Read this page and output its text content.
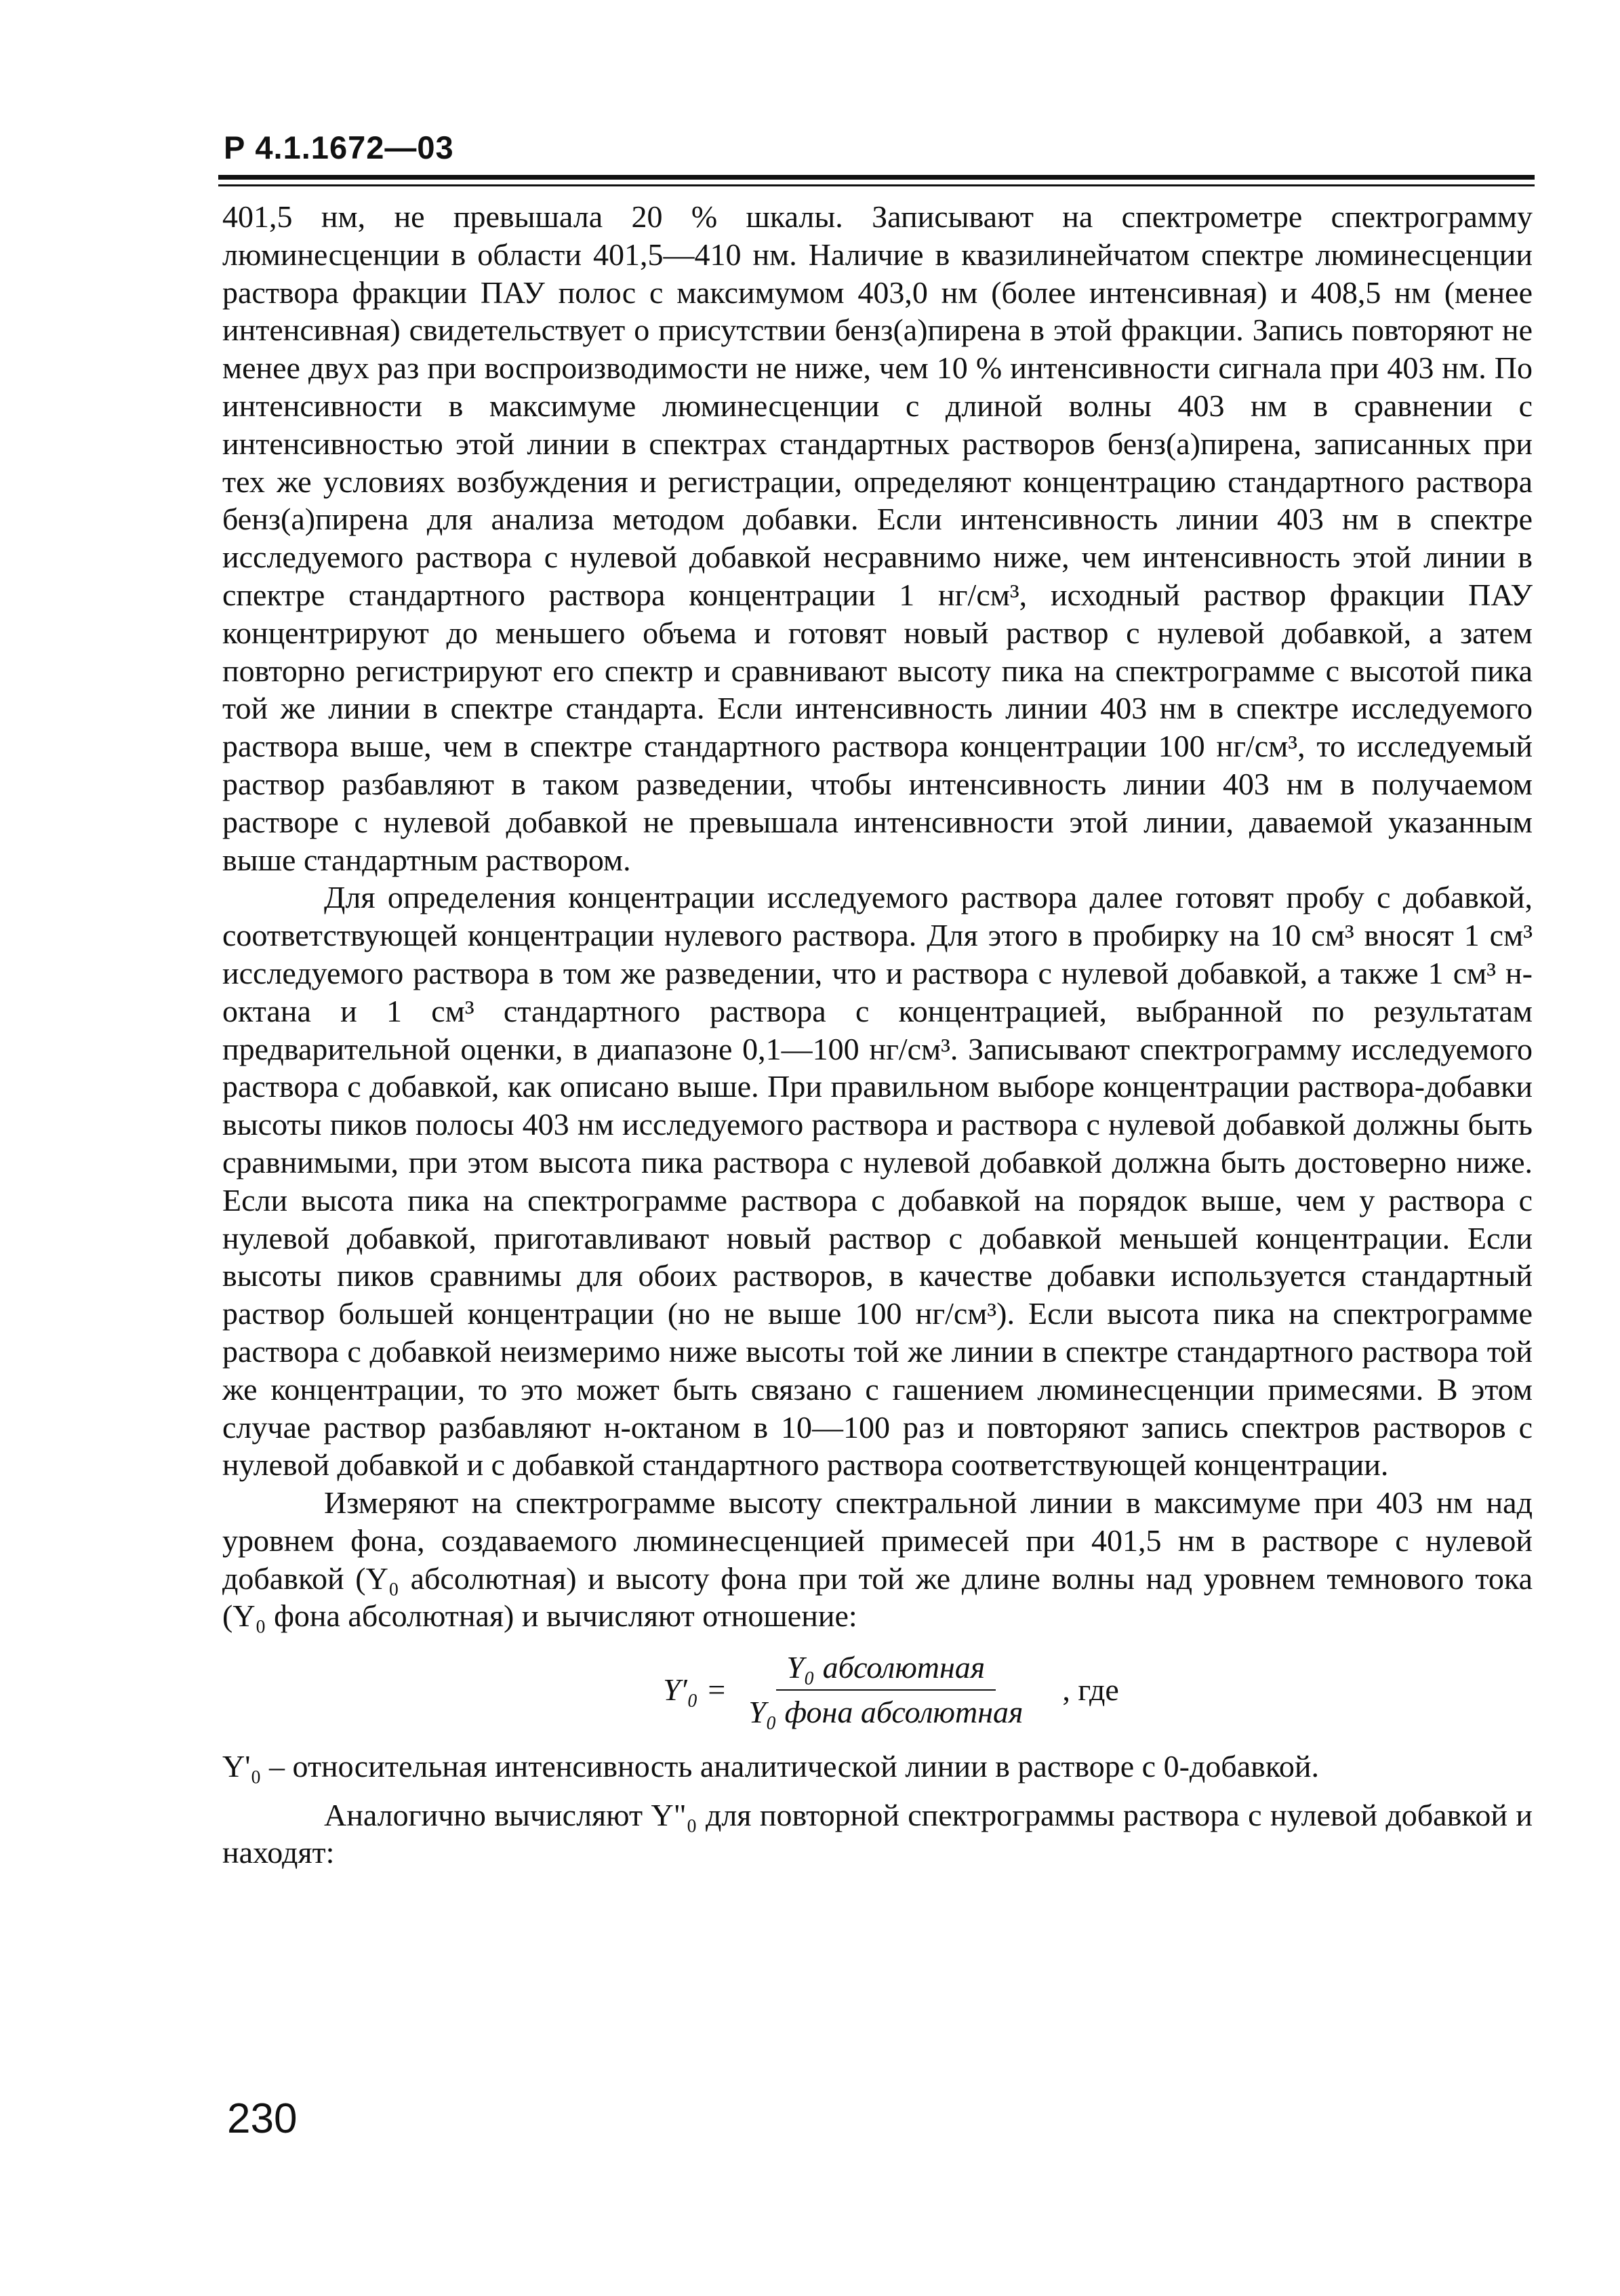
Р 4.1.1672—03

401,5 нм, не превышала 20 % шкалы. Записывают на спектрометре спектрограмму люминесценции в области 401,5—410 нм. Наличие в квазилинейчатом спектре люминесценции раствора фракции ПАУ полос с максимумом 403,0 нм (более интенсивная) и 408,5 нм (менее интенсивная) свидетельствует о присутствии бенз(а)пирена в этой фракции. Запись повторяют не менее двух раз при воспроизводимости не ниже, чем 10 % интенсивности сигнала при 403 нм. По интенсивности в максимуме люминесценции с длиной волны 403 нм в сравнении с интенсивностью этой линии в спектрах стандартных растворов бенз(а)пирена, записанных при тех же условиях возбуждения и регистрации, определяют концентрацию стандартного раствора бенз(а)пирена для анализа методом добавки. Если интенсивность линии 403 нм в спектре исследуемого раствора с нулевой добавкой несравнимо ниже, чем интенсивность этой линии в спектре стандартного раствора концентрации 1 нг/см³, исходный раствор фракции ПАУ концентрируют до меньшего объема и готовят новый раствор с нулевой добавкой, а затем повторно регистрируют его спектр и сравнивают высоту пика на спектрограмме с высотой пика той же линии в спектре стандарта. Если интенсивность линии 403 нм в спектре исследуемого раствора выше, чем в спектре стандартного раствора концентрации 100 нг/см³, то исследуемый раствор разбавляют в таком разведении, чтобы интенсивность линии 403 нм в получаемом растворе с нулевой добавкой не превышала интенсивности этой линии, даваемой указанным выше стандартным раствором.

Для определения концентрации исследуемого раствора далее готовят пробу с добавкой, соответствующей концентрации нулевого раствора. Для этого в пробирку на 10 см³ вносят 1 см³ исследуемого раствора в том же разведении, что и раствора с нулевой добавкой, а также 1 см³ н-октана и 1 см³ стандартного раствора с концентрацией, выбранной по результатам предварительной оценки, в диапазоне 0,1—100 нг/см³. Записывают спектрограмму исследуемого раствора с добавкой, как описано выше. При правильном выборе концентрации раствора-добавки высоты пиков полосы 403 нм исследуемого раствора и раствора с нулевой добавкой должны быть сравнимыми, при этом высота пика раствора с нулевой добавкой должна быть достоверно ниже. Если высота пика на спектрограмме раствора с добавкой на порядок выше, чем у раствора с нулевой добавкой, приготавливают новый раствор с добавкой меньшей концентрации. Если высоты пиков сравнимы для обоих растворов, в качестве добавки используется стандартный раствор большей концентрации (но не выше 100 нг/см³). Если высота пика на спектрограмме раствора с добавкой неизмеримо ниже высоты той же линии в спектре стандартного раствора той же концентрации, то это может быть связано с гашением люминесценции примесями. В этом случае раствор разбавляют н-октаном в 10—100 раз и повторяют запись спектров растворов с нулевой добавкой и с добавкой стандартного раствора соответствующей концентрации.

Измеряют на спектрограмме высоту спектральной линии в максимуме при 403 нм над уровнем фона, создаваемого люминесценцией примесей при 401,5 нм в растворе с нулевой добавкой (Y₀ абсолютная) и высоту фона при той же длине волны над уровнем темнового тока (Y₀ фона абсолютная) и вычисляют отношение:

$Y'_0 = \frac{\text{Y₀ абсолютная}}{\text{Y₀ фона абсолютная}}$ , где

Y'₀ – относительная интенсивность аналитической линии в растворе с 0-добавкой.

Аналогично вычисляют Y"₀ для повторной спектрограммы раствора с нулевой добавкой и находят:

230
